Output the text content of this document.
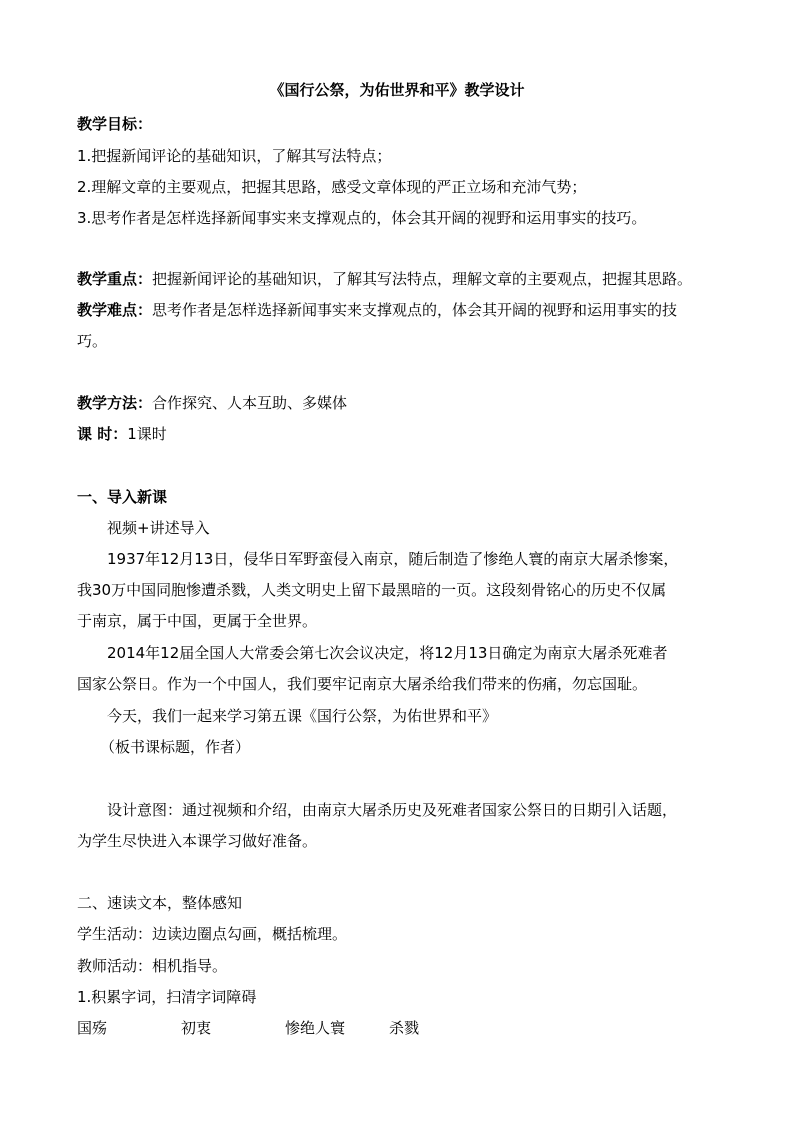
《国行公祭，为佑世界和平》教学设计
教学目标：
1.把握新闻评论的基础知识，了解其写法特点；
2.理解文章的主要观点，把握其思路，感受文章体现的严正立场和充沛气势；
3.思考作者是怎样选择新闻事实来支撑观点的，体会其开阔的视野和运用事实的技巧。
教学重点：把握新闻评论的基础知识，了解其写法特点，理解文章的主要观点，把握其思路。
教学难点：思考作者是怎样选择新闻事实来支撑观点的，体会其开阔的视野和运用事实的技
巧。
教学方法：合作探究、人本互助、多媒体
课 时：1课时
一、导入新课
视频+讲述导入
1937年12月13日，侵华日军野蛮侵入南京，随后制造了惨绝人寰的南京大屠杀惨案，
我30万中国同胞惨遭杀戮，人类文明史上留下最黑暗的一页。这段刻骨铭心的历史不仅属
于南京，属于中国，更属于全世界。
2014年12届全国人大常委会第七次会议决定，将12月13日确定为南京大屠杀死难者
国家公祭日。作为一个中国人，我们要牢记南京大屠杀给我们带来的伤痛，勿忘国耻。
今天，我们一起来学习第五课《国行公祭，为佑世界和平》
（板书课标题，作者）
设计意图：通过视频和介绍，由南京大屠杀历史及死难者国家公祭日的日期引入话题，
为学生尽快进入本课学习做好准备。
二、速读文本，整体感知
学生活动：边读边圈点勾画，概括梳理。
教师活动：相机指导。
1.积累字词，扫清字词障碍
国殇	初衷	惨绝人寰	杀戮
